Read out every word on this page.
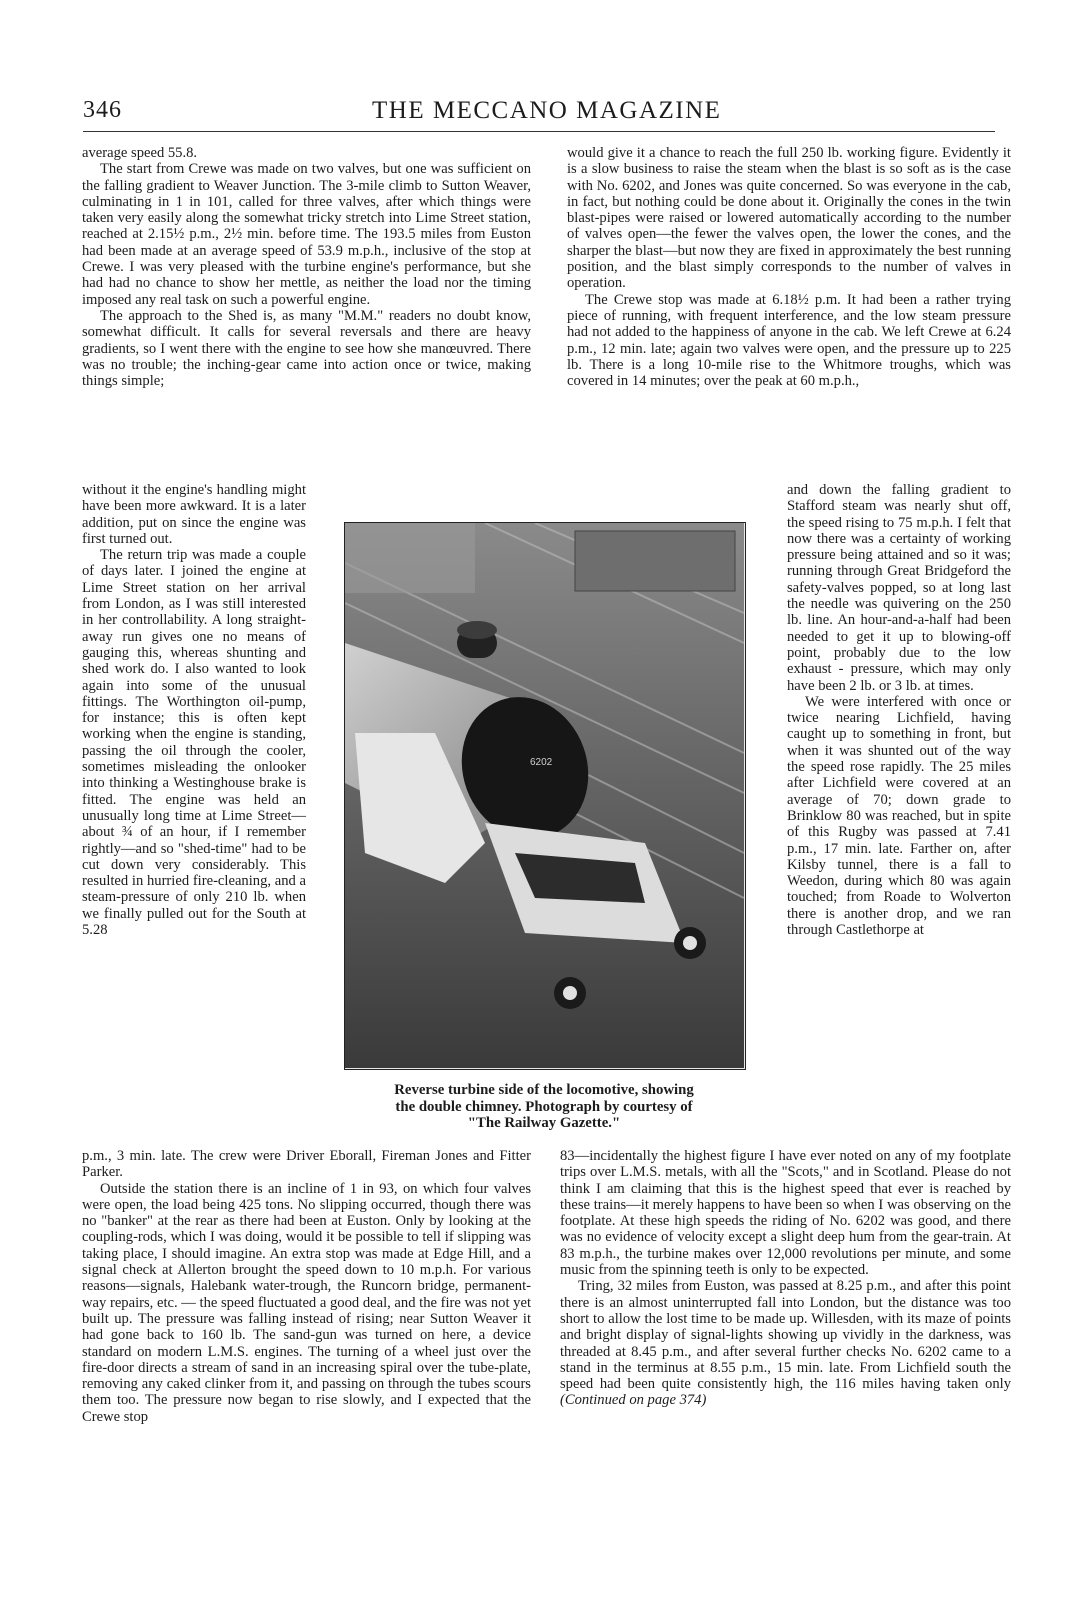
346	THE MECCANO MAGAZINE

average speed 55.8.

The start from Crewe was made on two valves, but one was sufficient on the falling gradient to Weaver Junction. The 3-mile climb to Sutton Weaver, culminating in 1 in 101, called for three valves, after which things were taken very easily along the somewhat tricky stretch into Lime Street station, reached at 2.15½ p.m., 2½ min. before time. The 193.5 miles from Euston had been made at an average speed of 53.9 m.p.h., inclusive of the stop at Crewe. I was very pleased with the turbine engine's performance, but she had had no chance to show her mettle, as neither the load nor the timing imposed any real task on such a powerful engine.

The approach to the Shed is, as many "M.M." readers no doubt know, somewhat difficult. It calls for several reversals and there are heavy gradients, so I went there with the engine to see how she manœuvred. There was no trouble; the inching-gear came into action once or twice, making things simple;

without it the engine's handling might have been more awkward. It is a later addition, put on since the engine was first turned out.

The return trip was made a couple of days later. I joined the engine at Lime Street station on her arrival from London, as I was still interested in her controllability. A long straight-away run gives one no means of gauging this, whereas shunting and shed work do. I also wanted to look again into some of the unusual fittings. The Worthington oil-pump, for instance; this is often kept working when the engine is standing, passing the oil through the cooler, sometimes misleading the onlooker into thinking a Westinghouse brake is fitted. The engine was held an unusually long time at Lime Street—about ¾ of an hour, if I remember rightly—and so "shed-time" had to be cut down very considerably. This resulted in hurried fire-cleaning, and a steam-pressure of only 210 lb. when we finally pulled out for the South at 5.28

p.m., 3 min. late. The crew were Driver Eborall, Fireman Jones and Fitter Parker.

Outside the station there is an incline of 1 in 93, on which four valves were open, the load being 425 tons. No slipping occurred, though there was no "banker" at the rear as there had been at Euston. Only by looking at the coupling-rods, which I was doing, would it be possible to tell if slipping was taking place, I should imagine. An extra stop was made at Edge Hill, and a signal check at Allerton brought the speed down to 10 m.p.h. For various reasons—signals, Halebank water-trough, the Runcorn bridge, permanent-way repairs, etc. — the speed fluctuated a good deal, and the fire was not yet built up. The pressure was falling instead of rising; near Sutton Weaver it had gone back to 160 lb. The sand-gun was turned on here, a device standard on modern L.M.S. engines. The turning of a wheel just over the fire-door directs a stream of sand in an increasing spiral over the tube-plate, removing any caked clinker from it, and passing on through the tubes scours them too. The pressure now began to rise slowly, and I expected that the Crewe stop

would give it a chance to reach the full 250 lb. working figure. Evidently it is a slow business to raise the steam when the blast is so soft as is the case with No. 6202, and Jones was quite concerned. So was everyone in the cab, in fact, but nothing could be done about it. Originally the cones in the twin blast-pipes were raised or lowered automatically according to the number of valves open—the fewer the valves open, the lower the cones, and the sharper the blast—but now they are fixed in approximately the best running position, and the blast simply corresponds to the number of valves in operation.

The Crewe stop was made at 6.18½ p.m. It had been a rather trying piece of running, with frequent interference, and the low steam pressure had not added to the happiness of anyone in the cab. We left Crewe at 6.24 p.m., 12 min. late; again two valves were open, and the pressure up to 225 lb. There is a long 10-mile rise to the Whitmore troughs, which was covered in 14 minutes; over the peak at 60 m.p.h.,

and down the falling gradient to Stafford steam was nearly shut off, the speed rising to 75 m.p.h. I felt that now there was a certainty of working pressure being attained and so it was; running through Great Bridgeford the safety-valves popped, so at long last the needle was quivering on the 250 lb. line. An hour-and-a-half had been needed to get it up to blowing-off point, probably due to the low exhaust - pressure, which may only have been 2 lb. or 3 lb. at times.

We were interfered with once or twice nearing Lichfield, having caught up to something in front, but when it was shunted out of the way the speed rose rapidly. The 25 miles after Lichfield were covered at an average of 70; down grade to Brinklow 80 was reached, but in spite of this Rugby was passed at 7.41 p.m., 17 min. late. Farther on, after Kilsby tunnel, there is a fall to Weedon, during which 80 was again touched; from Roade to Wolverton there is another drop, and we ran through Castlethorpe at

83—incidentally the highest figure I have ever noted on any of my footplate trips over L.M.S. metals, with all the "Scots," and in Scotland. Please do not think I am claiming that this is the highest speed that ever is reached by these trains—it merely happens to have been so when I was observing on the footplate. At these high speeds the riding of No. 6202 was good, and there was no evidence of velocity except a slight deep hum from the gear-train. At 83 m.p.h., the turbine makes over 12,000 revolutions per minute, and some music from the spinning teeth is only to be expected.

Tring, 32 miles from Euston, was passed at 8.25 p.m., and after this point there is an almost uninterrupted fall into London, but the distance was too short to allow the lost time to be made up. Willesden, with its maze of points and bright display of signal-lights showing up vividly in the darkness, was threaded at 8.45 p.m., and after several further checks No. 6202 came to a stand in the terminus at 8.55 p.m., 15 min. late. From Lichfield south the speed had been quite consistently high, the 116 miles having taken only (Continued on page 374)

6202
Reverse turbine side of the locomotive, showing
the double chimney. Photograph by courtesy of
"The Railway Gazette."
